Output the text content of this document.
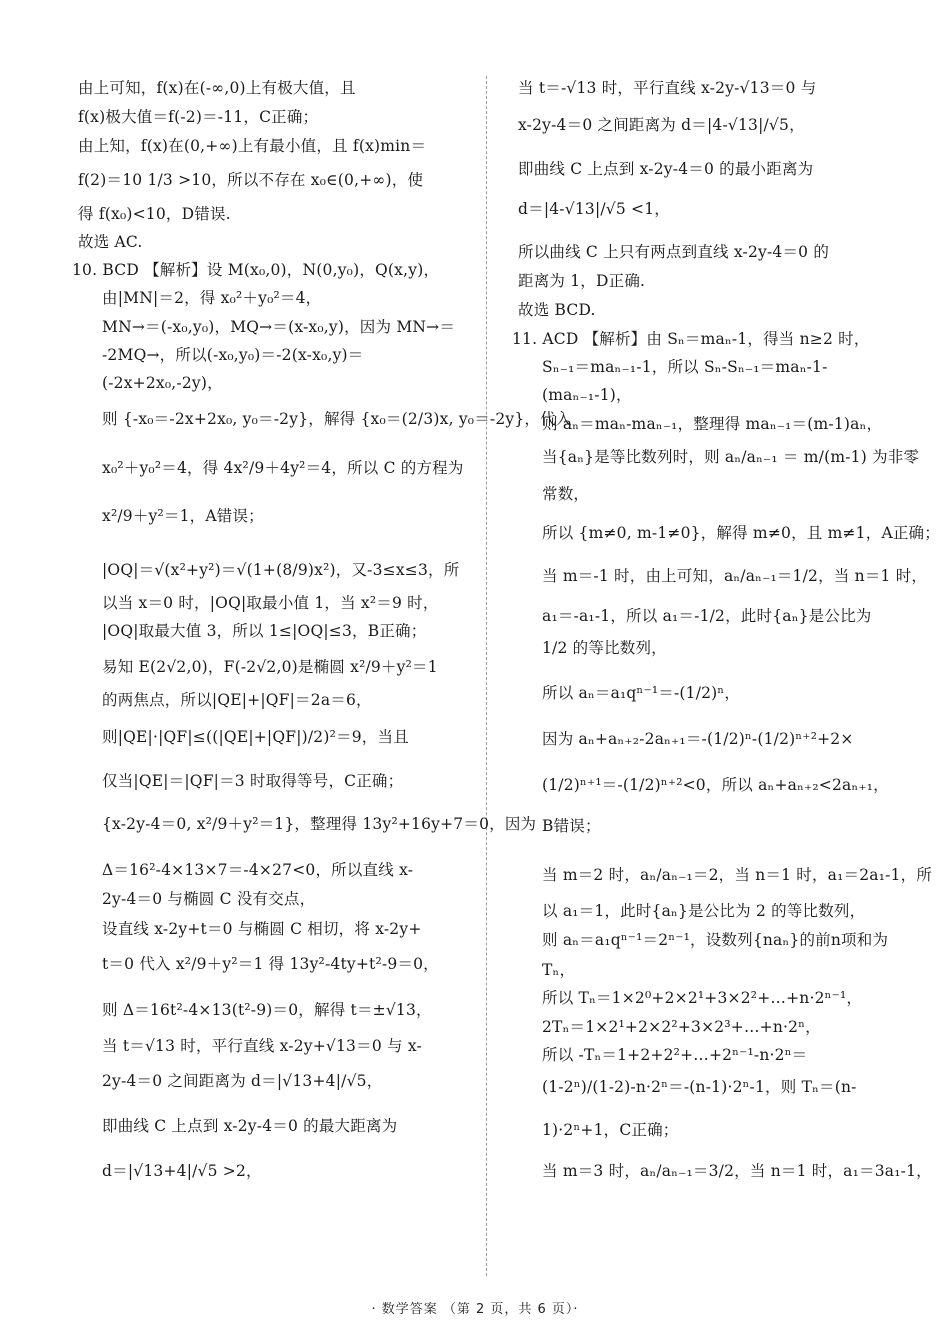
由上可知，f(x)在(-∞,0)上有极大值，且
f(x)极大值＝f(-2)＝-11，C正确；
由上知，f(x)在(0,+∞)上有最小值，且 f(x)min＝
f(2)＝10 1/3 >10，所以不存在 x₀∈(0,+∞)，使
得 f(x₀)<10，D错误.
故选 AC.
10. BCD 【解析】设 M(x₀,0)，N(0,y₀)，Q(x,y)，
由|MN|＝2，得 x₀²＋y₀²＝4，
MN→＝(-x₀,y₀)，MQ→＝(x-x₀,y)，因为 MN→＝
-2MQ→，所以(-x₀,y₀)＝-2(x-x₀,y)＝
(-2x+2x₀,-2y)，
则 {-x₀＝-2x+2x₀, y₀＝-2y}，解得 {x₀＝(2/3)x, y₀＝-2y}，代入
x₀²＋y₀²＝4，得 4x²/9＋4y²＝4，所以 C 的方程为
x²/9＋y²＝1，A错误；
|OQ|＝√(x²+y²)＝√(1+(8/9)x²)，又-3≤x≤3，所
以当 x＝0 时，|OQ|取最小值 1，当 x²＝9 时，
|OQ|取最大值 3，所以 1≤|OQ|≤3，B正确；
易知 E(2√2,0)，F(-2√2,0)是椭圆 x²/9＋y²＝1
的两焦点，所以|QE|+|QF|＝2a＝6，
则|QE|·|QF|≤((|QE|+|QF|)/2)²＝9，当且
仅当|QE|＝|QF|＝3 时取得等号，C正确；
{x-2y-4＝0, x²/9＋y²＝1}，整理得 13y²+16y+7＝0，因为
Δ＝16²-4×13×7＝-4×27<0，所以直线 x-
2y-4＝0 与椭圆 C 没有交点，
设直线 x-2y+t＝0 与椭圆 C 相切，将 x-2y+
t＝0 代入 x²/9＋y²＝1 得 13y²-4ty+t²-9＝0，
则 Δ＝16t²-4×13(t²-9)＝0，解得 t＝±√13，
当 t＝√13 时，平行直线 x-2y+√13＝0 与 x-
2y-4＝0 之间距离为 d＝|√13+4|/√5，
即曲线 C 上点到 x-2y-4＝0 的最大距离为
d＝|√13+4|/√5 >2，
当 t＝-√13 时，平行直线 x-2y-√13＝0 与
x-2y-4＝0 之间距离为 d＝|4-√13|/√5，
即曲线 C 上点到 x-2y-4＝0 的最小距离为
d＝|4-√13|/√5 <1，
所以曲线 C 上只有两点到直线 x-2y-4＝0 的
距离为 1，D正确.
故选 BCD.
11. ACD 【解析】由 Sₙ＝maₙ-1，得当 n≥2 时，
Sₙ₋₁＝maₙ₋₁-1，所以 Sₙ-Sₙ₋₁＝maₙ-1-
(maₙ₋₁-1)，
则 aₙ＝maₙ-maₙ₋₁，整理得 maₙ₋₁＝(m-1)aₙ，
当{aₙ}是等比数列时，则 aₙ/aₙ₋₁ ＝ m/(m-1) 为非零
常数，
所以 {m≠0, m-1≠0}，解得 m≠0，且 m≠1，A正确；
当 m＝-1 时，由上可知，aₙ/aₙ₋₁＝1/2，当 n＝1 时，
a₁＝-a₁-1，所以 a₁＝-1/2，此时{aₙ}是公比为
1/2 的等比数列，
所以 aₙ＝a₁qⁿ⁻¹＝-(1/2)ⁿ，
因为 aₙ+aₙ₊₂-2aₙ₊₁＝-(1/2)ⁿ-(1/2)ⁿ⁺²+2×
(1/2)ⁿ⁺¹＝-(1/2)ⁿ⁺²<0，所以 aₙ+aₙ₊₂<2aₙ₊₁，
B错误；
当 m＝2 时，aₙ/aₙ₋₁＝2，当 n＝1 时，a₁＝2a₁-1，所
以 a₁＝1，此时{aₙ}是公比为 2 的等比数列，
则 aₙ＝a₁qⁿ⁻¹＝2ⁿ⁻¹，设数列{naₙ}的前n项和为
Tₙ，
所以 Tₙ＝1×2⁰+2×2¹+3×2²+…+n·2ⁿ⁻¹，
2Tₙ＝1×2¹+2×2²+3×2³+…+n·2ⁿ，
所以 -Tₙ＝1+2+2²+…+2ⁿ⁻¹-n·2ⁿ＝
(1-2ⁿ)/(1-2)-n·2ⁿ＝-(n-1)·2ⁿ-1，则 Tₙ＝(n-
1)·2ⁿ+1，C正确；
当 m＝3 时，aₙ/aₙ₋₁＝3/2，当 n＝1 时，a₁＝3a₁-1，
· 数学答案 （第 2 页，共 6 页）·
